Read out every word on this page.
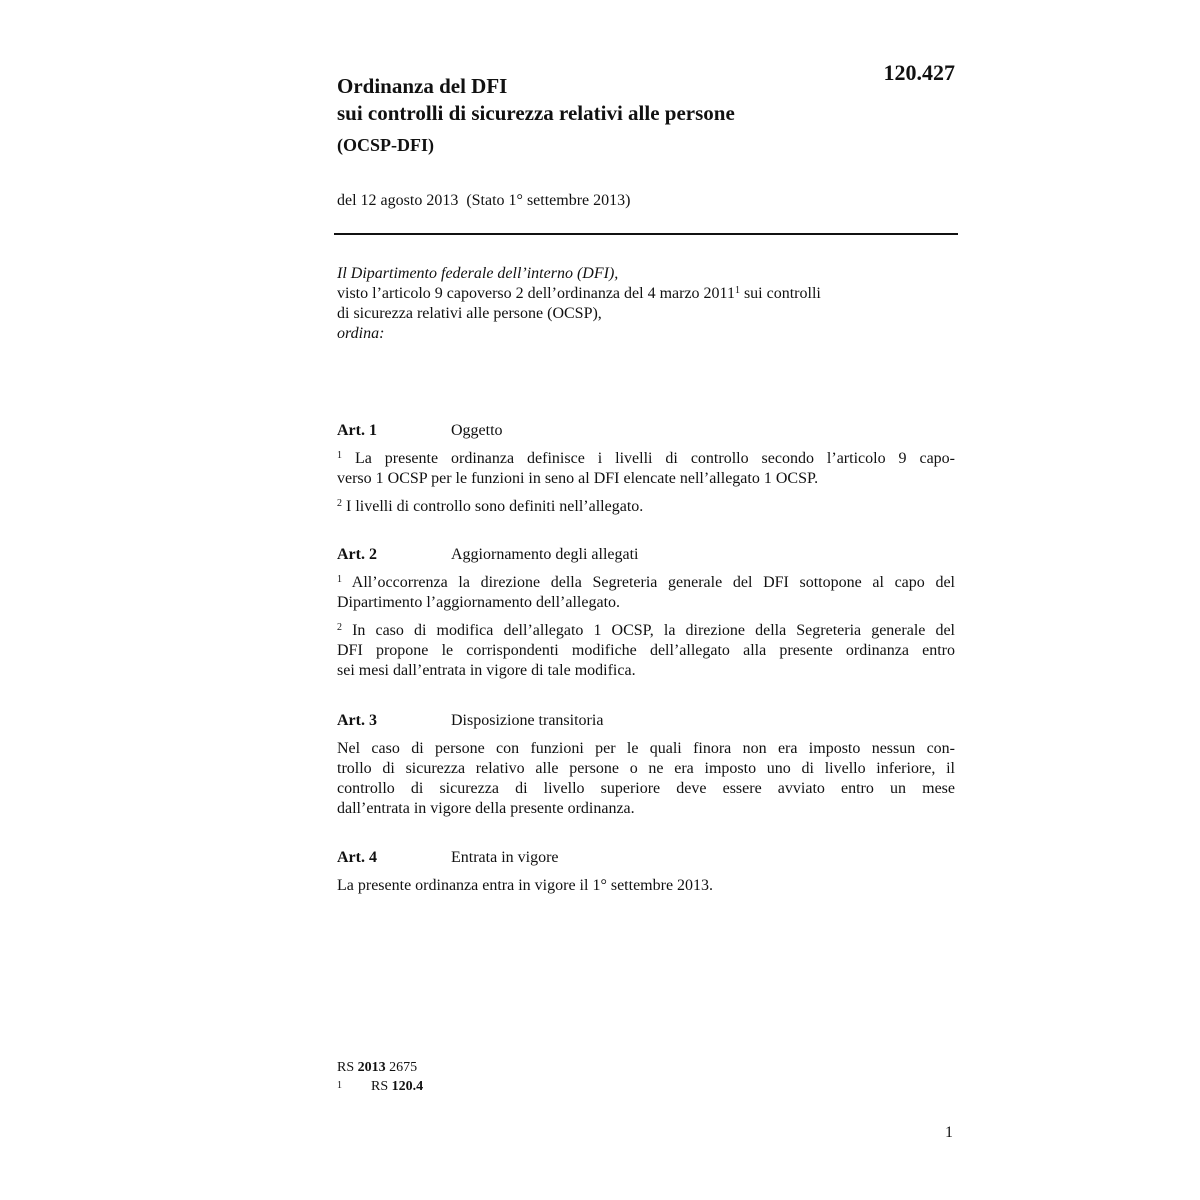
120.427
Ordinanza del DFI
sui controlli di sicurezza relativi alle persone
(OCSP-DFI)
del 12 agosto 2013  (Stato 1° settembre 2013)
Il Dipartimento federale dell’interno (DFI),
visto l’articolo 9 capoverso 2 dell’ordinanza del 4 marzo 2011$^1$ sui controlli
di sicurezza relativi alle persone (OCSP),
ordina:
Art. 1	Oggetto
$^1$ La presente ordinanza definisce i livelli di controllo secondo l’articolo 9 capo-
verso 1 OCSP per le funzioni in seno al DFI elencate nell’allegato 1 OCSP.
$^2$ I livelli di controllo sono definiti nell’allegato.
Art. 2	Aggiornamento degli allegati
$^1$ All’occorrenza la direzione della Segreteria generale del DFI sottopone al capo del
Dipartimento l’aggiornamento dell’allegato.
$^2$ In caso di modifica dell’allegato 1 OCSP, la direzione della Segreteria generale del
DFI propone le corrispondenti modifiche dell’allegato alla presente ordinanza entro
sei mesi dall’entrata in vigore di tale modifica.
Art. 3	Disposizione transitoria
Nel caso di persone con funzioni per le quali finora non era imposto nessun con-
trollo di sicurezza relativo alle persone o ne era imposto uno di livello inferiore, il
controllo di sicurezza di livello superiore deve essere avviato entro un mese
dall’entrata in vigore della presente ordinanza.
Art. 4	Entrata in vigore
La presente ordinanza entra in vigore il 1° settembre 2013.
RS 2013 2675
1 RS 120.4
1
